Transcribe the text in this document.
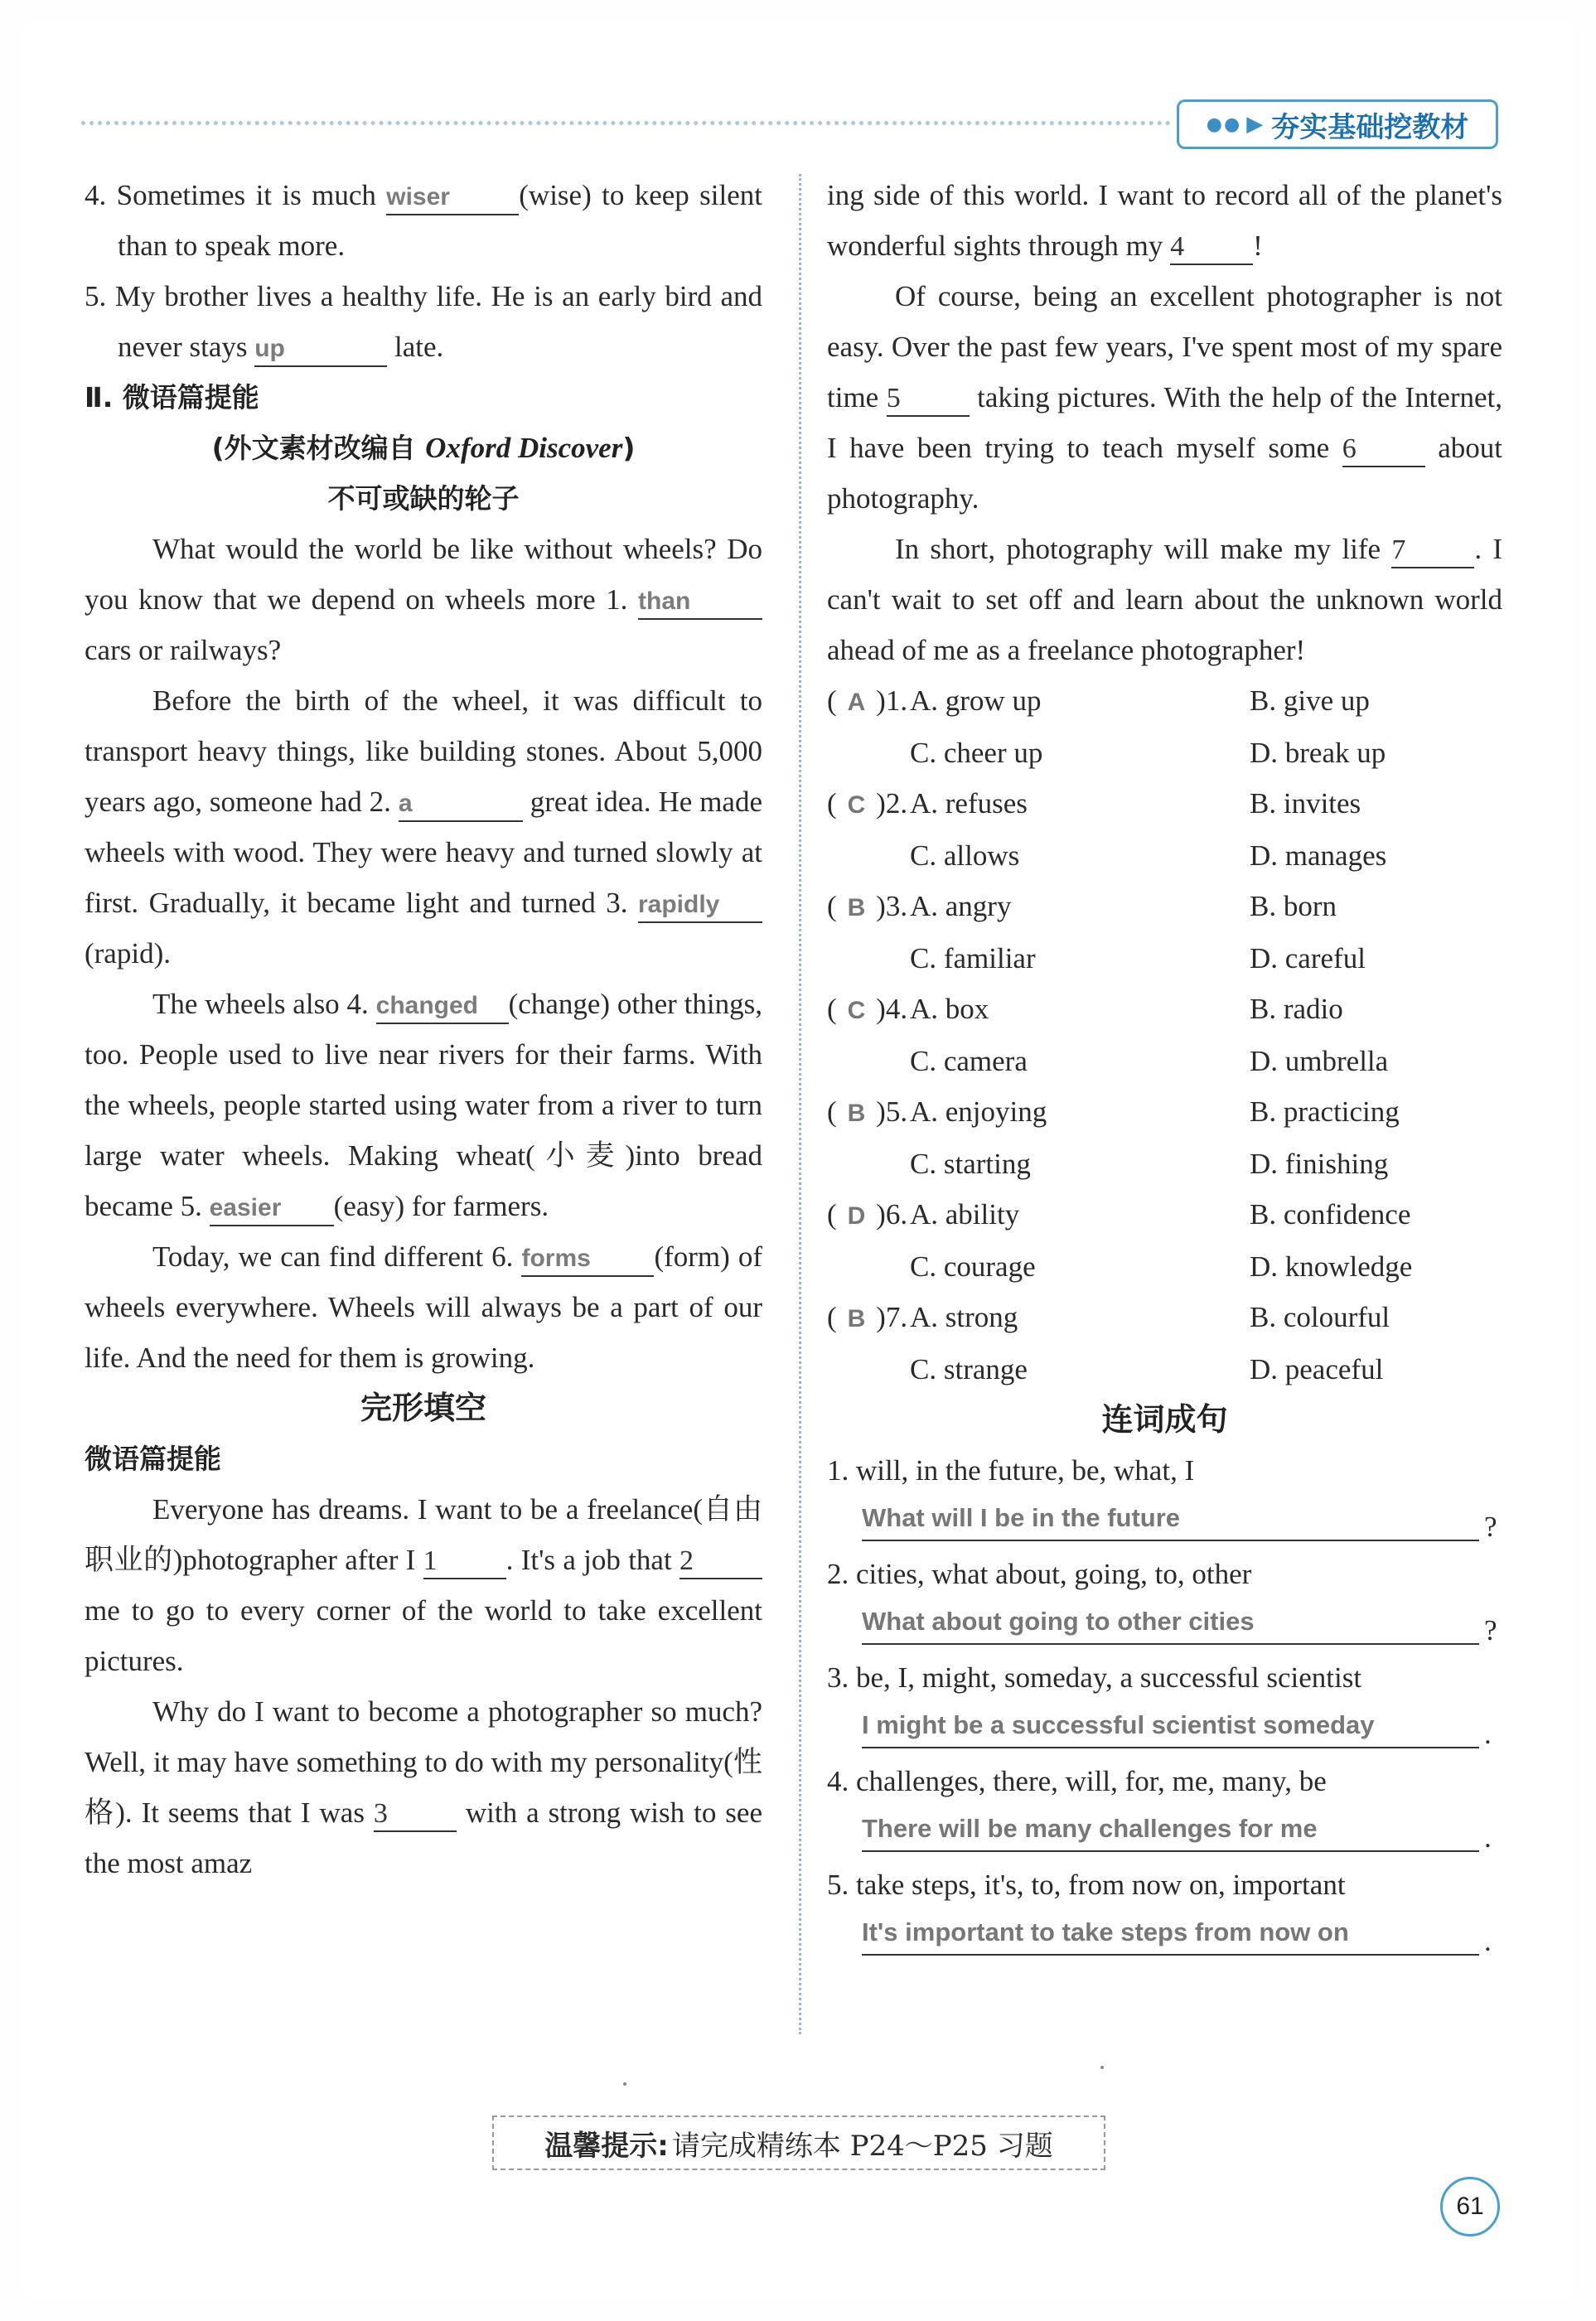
●● ▶ 夯实基础挖教材

4. Sometimes it is much wiser (wise) to keep silent than to speak more.

5. My brother lives a healthy life. He is an early bird and never stays up	late.

Ⅱ. 微语篇提能

(外文素材改编自 Oxford Discover)

不可或缺的轮子

What would the world be like without wheels? Do you know that we depend on wheels more 1. than cars or railways?

Before the birth of the wheel, it was difficult to transport heavy things, like building stones. About 5,000 years ago, someone had 2. a	great idea. He made wheels with wood. They were heavy and turned slowly at first. Gradually, it became light and turned 3. rapidly(rapid).

The wheels also 4. changed (change) other things, too. People used to live near rivers for their farms. With the wheels, people started using water from a river to turn large water wheels. Making wheat(小麦)into bread became 5. easier (easy) for farmers.

Today, we can find different 6. forms (form) of wheels everywhere. Wheels will always be a part of our life. And the need for them is growing.

完形填空

微语篇提能

Everyone has dreams. I want to be a freelance(自由职业的)photographer after I 1 . It's a job that 2 me to go to every corner of the world to take excellent pictures.

Why do I want to become a photographer so much? Well, it may have something to do with my personality(性格). It seems that I was 3 with a strong wish to see the most amaz

ing side of this world. I want to record all of the planet's wonderful sights through my 4 !

Of course, being an excellent photographer is not easy. Over the past few years, I've spent most of my spare time 5 taking pictures. With the help of the Internet, I have been trying to teach myself some 6 about photography.

In short, photography will make my life 7 . I can't wait to set off and learn about the unknown world ahead of me as a freelance photographer!

( A )1. A. grow up	B. give up
C. cheer up	D. break up
( C )2. A. refuses	B. invites
C. allows	D. manages
( B )3. A. angry	B. born
C. familiar	D. careful
( C )4. A. box	B. radio
C. camera	D. umbrella
( B )5. A. enjoying	B. practicing
C. starting	D. finishing
( D )6. A. ability	B. confidence
C. courage	D. knowledge
( B )7. A. strong	B. colourful
C. strange	D. peaceful

连词成句

1. will, in the future, be, what, I

What will I be in the future	?

2. cities, what about, going, to, other

What about going to other cities	?

3. be, I, might, someday, a successful scientist

I might be a successful scientist someday	.

4. challenges, there, will, for, me, many, be

There will be many challenges for me	.

5. take steps, it's, to, from now on, important

It's important to take steps from now on	.
温馨提示: 请完成精练本 P24～P25 习题
61
